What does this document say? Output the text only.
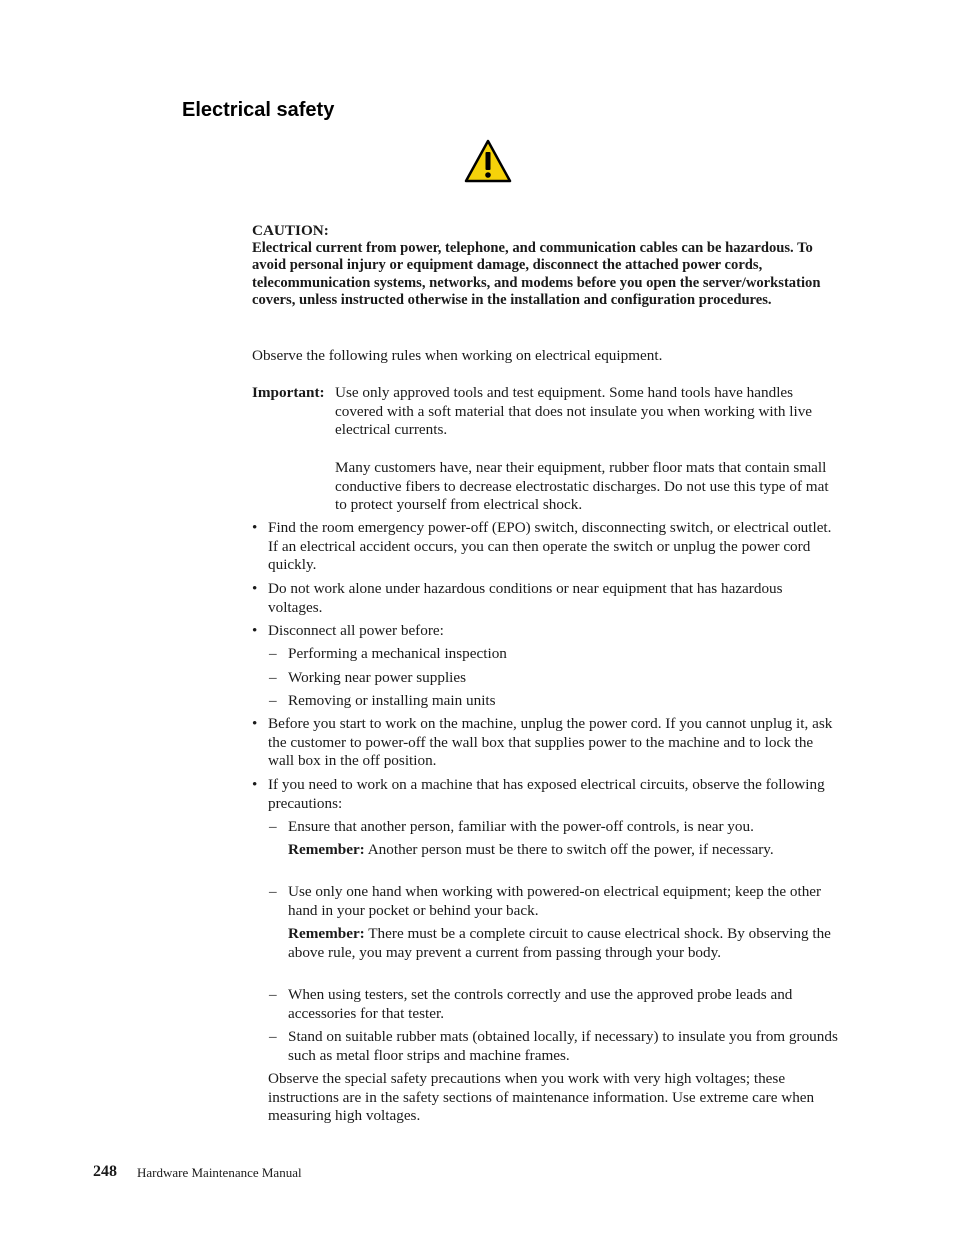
Electrical safety
CAUTION:
Electrical current from power, telephone, and communication cables can be hazardous. To avoid personal injury or equipment damage, disconnect the attached power cords, telecommunication systems, networks, and modems before you open the server/workstation covers, unless instructed otherwise in the installation and configuration procedures.
Observe the following rules when working on electrical equipment.
Important: Use only approved tools and test equipment. Some hand tools have handles covered with a soft material that does not insulate you when working with live electrical currents.
Many customers have, near their equipment, rubber floor mats that contain small conductive fibers to decrease electrostatic discharges. Do not use this type of mat to protect yourself from electrical shock.
• Find the room emergency power-off (EPO) switch, disconnecting switch, or electrical outlet. If an electrical accident occurs, you can then operate the switch or unplug the power cord quickly.
• Do not work alone under hazardous conditions or near equipment that has hazardous voltages.
• Disconnect all power before:
– Performing a mechanical inspection
– Working near power supplies
– Removing or installing main units
• Before you start to work on the machine, unplug the power cord. If you cannot unplug it, ask the customer to power-off the wall box that supplies power to the machine and to lock the wall box in the off position.
• If you need to work on a machine that has exposed electrical circuits, observe the following precautions:
– Ensure that another person, familiar with the power-off controls, is near you.
Remember: Another person must be there to switch off the power, if necessary.
– Use only one hand when working with powered-on electrical equipment; keep the other hand in your pocket or behind your back.
Remember: There must be a complete circuit to cause electrical shock. By observing the above rule, you may prevent a current from passing through your body.
– When using testers, set the controls correctly and use the approved probe leads and accessories for that tester.
– Stand on suitable rubber mats (obtained locally, if necessary) to insulate you from grounds such as metal floor strips and machine frames.
Observe the special safety precautions when you work with very high voltages; these instructions are in the safety sections of maintenance information. Use extreme care when measuring high voltages.
248 Hardware Maintenance Manual
